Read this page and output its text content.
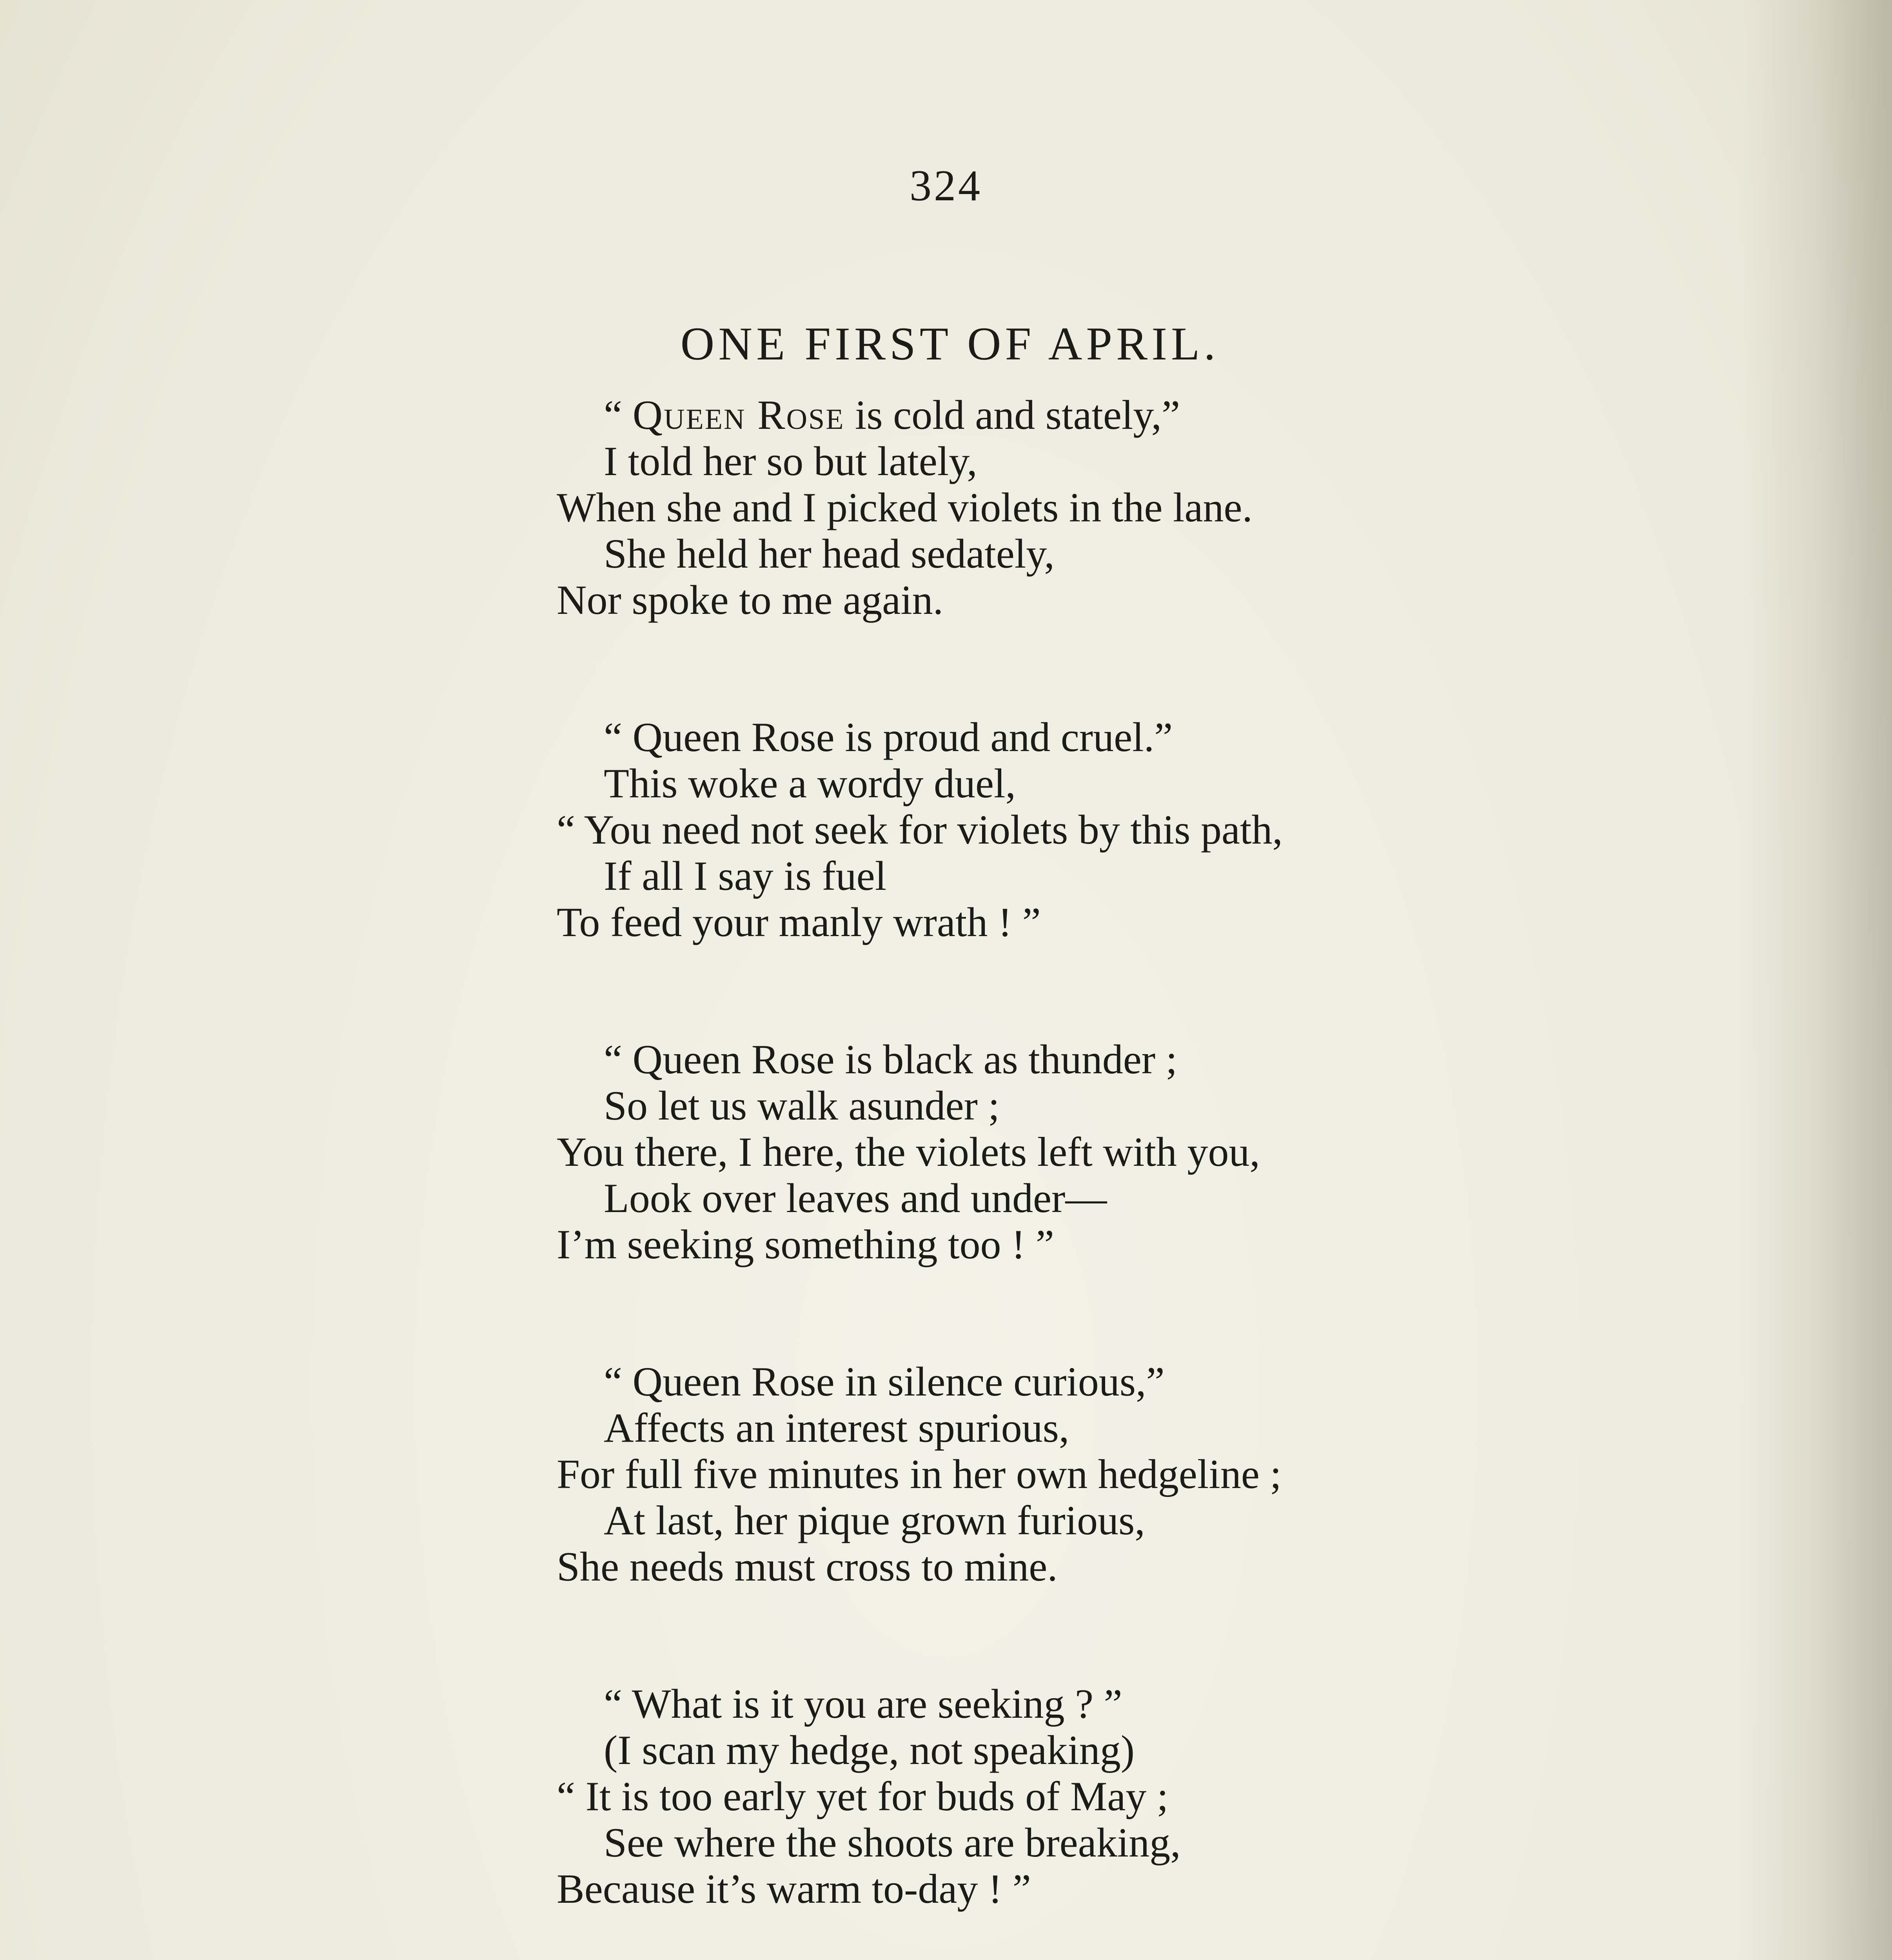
324
ONE FIRST OF APRIL.
“ Queen Rose is cold and stately,”
I told her so but lately,
When she and I picked violets in the lane.
She held her head sedately,
Nor spoke to me again.
“ Queen Rose is proud and cruel.”
This woke a wordy duel,
“ You need not seek for violets by this path,
If all I say is fuel
To feed your manly wrath ! ”
“ Queen Rose is black as thunder ;
So let us walk asunder ;
You there, I here, the violets left with you,
Look over leaves and under—
I’m seeking something too ! ”
“ Queen Rose in silence curious,”
Affects an interest spurious,
For full five minutes in her own hedgeline ;
At last, her pique grown furious,
She needs must cross to mine.
“ What is it you are seeking ? ”
(I scan my hedge, not speaking)
“ It is too early yet for buds of May ;
See where the shoots are breaking,
Because it’s warm to-day ! ”
